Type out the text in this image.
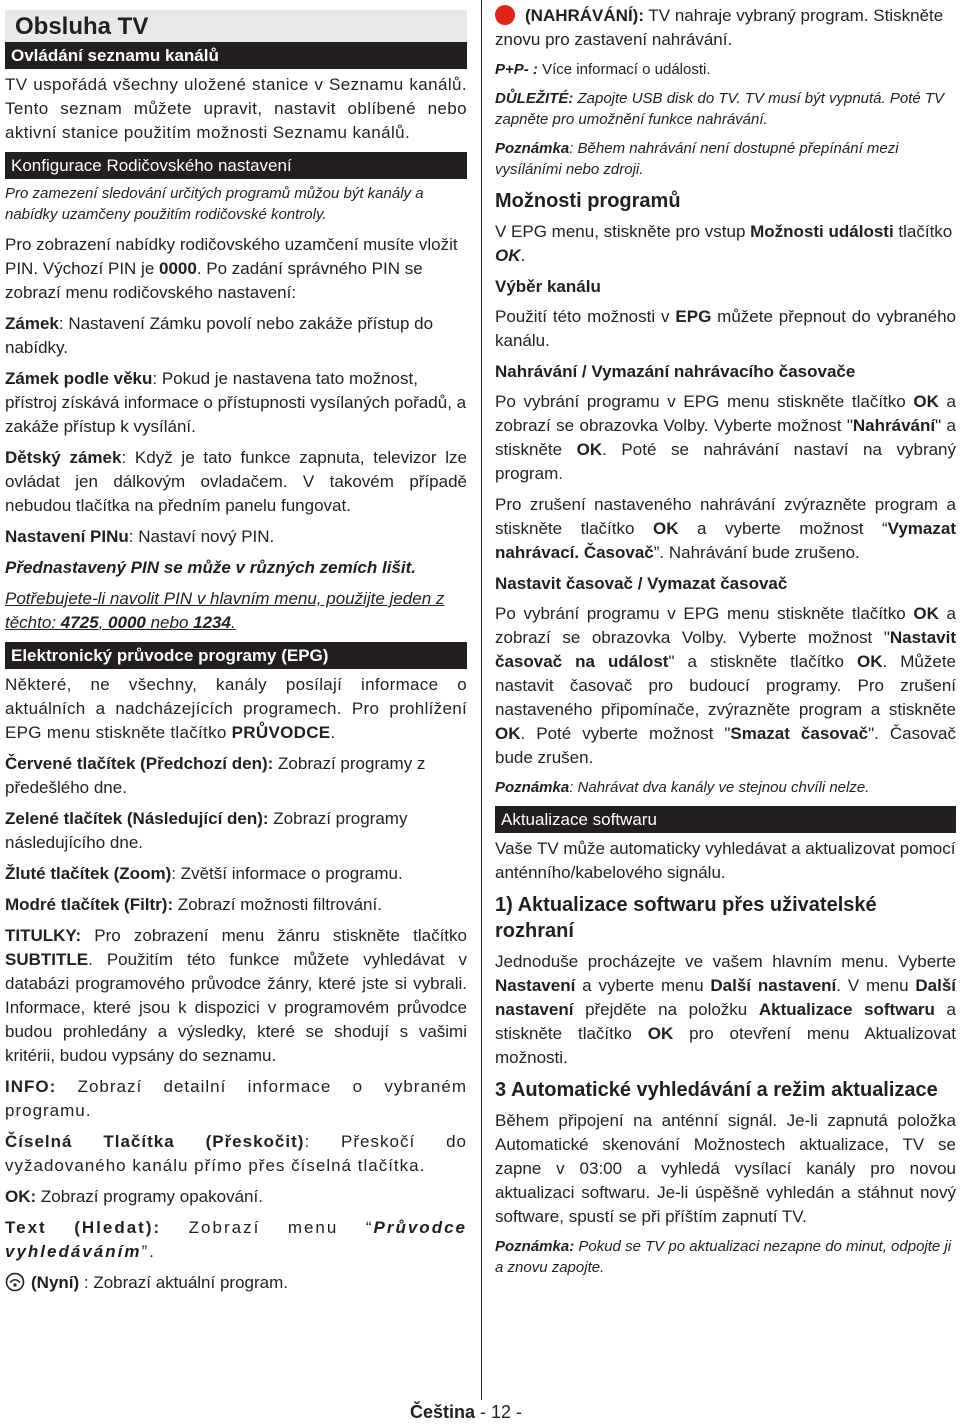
Obsluha TV
Ovládání seznamu kanálů

TV uspořádá všechny uložené stanice v Seznamu kanálů. Tento seznam můžete upravit, nastavit oblíbené nebo aktivní stanice použitím možnosti Seznamu kanálů.

Konfigurace Rodičovského nastavení

Pro zamezení sledování určitých programů můžou být kanály a nabídky uzamčeny použitím rodičovské kontroly.

Pro zobrazení nabídky rodičovského uzamčení musíte vložit PIN. Výchozí PIN je 0000. Po zadání správného PIN se zobrazí menu rodičovského nastavení:

Zámek: Nastavení Zámku povolí nebo zakáže přístup do nabídky.

Zámek podle věku: Pokud je nastavena tato možnost, přístroj získává informace o přístupnosti vysílaných pořadů, a zakáže přístup k vysílání.

Dětský zámek: Když je tato funkce zapnuta, televizor lze ovládat jen dálkovým ovladačem. V takovém případě nebudou tlačítka na předním panelu fungovat.

Nastavení PINu: Nastaví nový PIN.

Přednastavený PIN se může v různých zemích lišit.

Potřebujete-li navolit PIN v hlavním menu, použijte jeden z těchto: 4725, 0000 nebo 1234.

Elektronický průvodce programy (EPG)

Některé, ne všechny, kanály posílají informace o aktuálních a nadcházejících programech. Pro prohlížení EPG menu stiskněte tlačítko PRŮVODCE.

Červené tlačítek (Předchozí den): Zobrazí programy z předešlého dne.

Zelené tlačítek (Následující den): Zobrazí programy následujícího dne.

Žluté tlačítek (Zoom): Zvětší informace o programu.

Modré tlačítek (Filtr): Zobrazí možnosti filtrování.

TITULKY: Pro zobrazení menu žánru stiskněte tlačítko SUBTITLE. Použitím této funkce můžete vyhledávat v databázi programového průvodce žánry, které jste si vybrali. Informace, které jsou k dispozici v programovém průvodce budou prohledány a výsledky, které se shodují s vašimi kritérii, budou vypsány do seznamu.

INFO: Zobrazí detailní informace o vybraném programu.

Číselná Tlačítka (Přeskočit): Přeskočí do vyžadovaného kanálu přímo přes číselná tlačítka.

OK: Zobrazí programy opakování.

Text (Hledat): Zobrazí menu “Průvodce vyhledáváním”.

(Nyní) : Zobrazí aktuální program.

(NAHRÁVÁNÍ): TV nahraje vybraný program. Stiskněte znovu pro zastavení nahrávání.

P+P- : Více informací o události.

DŮLEŽITÉ: Zapojte USB disk do TV. TV musí být vypnutá. Poté TV zapněte pro umožnění funkce nahrávání.

Poznámka: Během nahrávání není dostupné přepínání mezi vysíláními nebo zdroji.

Možnosti programů

V EPG menu, stiskněte pro vstup Možnosti události tlačítko OK.

Výběr kanálu

Použití této možnosti v EPG můžete přepnout do vybraného kanálu.

Nahrávání / Vymazání nahrávacího časovače

Po vybrání programu v EPG menu stiskněte tlačítko OK a zobrazí se obrazovka Volby. Vyberte možnost "Nahrávání" a stiskněte OK. Poté se nahrávání nastaví na vybraný program.

Pro zrušení nastaveného nahrávání zvýrazněte program a stiskněte tlačítko OK a vyberte možnost “Vymazat nahrávací. Časovač”. Nahrávání bude zrušeno.

Nastavit časovač / Vymazat časovač

Po vybrání programu v EPG menu stiskněte tlačítko OK a zobrazí se obrazovka Volby. Vyberte možnost "Nastavit časovač na událost" a stiskněte tlačítko OK. Můžete nastavit časovač pro budoucí programy. Pro zrušení nastaveného připomínače, zvýrazněte program a stiskněte OK. Poté vyberte možnost "Smazat časovač". Časovač bude zrušen.

Poznámka: Nahrávat dva kanály ve stejnou chvíli nelze.

Aktualizace softwaru

Vaše TV může automaticky vyhledávat a aktualizovat pomocí anténního/kabelového signálu.

1) Aktualizace softwaru přes uživatelské rozhraní

Jednoduše procházejte ve vašem hlavním menu. Vyberte Nastavení a vyberte menu Další nastavení. V menu Další nastavení přejděte na položku Aktualizace softwaru a stiskněte tlačítko OK pro otevření menu Aktualizovat možnosti.

3 Automatické vyhledávání a režim aktualizace

Během připojení na anténní signál. Je-li zapnutá položka Automatické skenování Možnostech aktualizace, TV se zapne v 03:00 a vyhledá vysílací kanály pro novou aktualizaci softwaru. Je-li úspěšně vyhledán a stáhnut nový software, spustí se při příštím zapnutí TV.

Poznámka: Pokud se TV po aktualizaci nezapne do minut, odpojte ji a znovu zapojte.

Čeština - 12 -
